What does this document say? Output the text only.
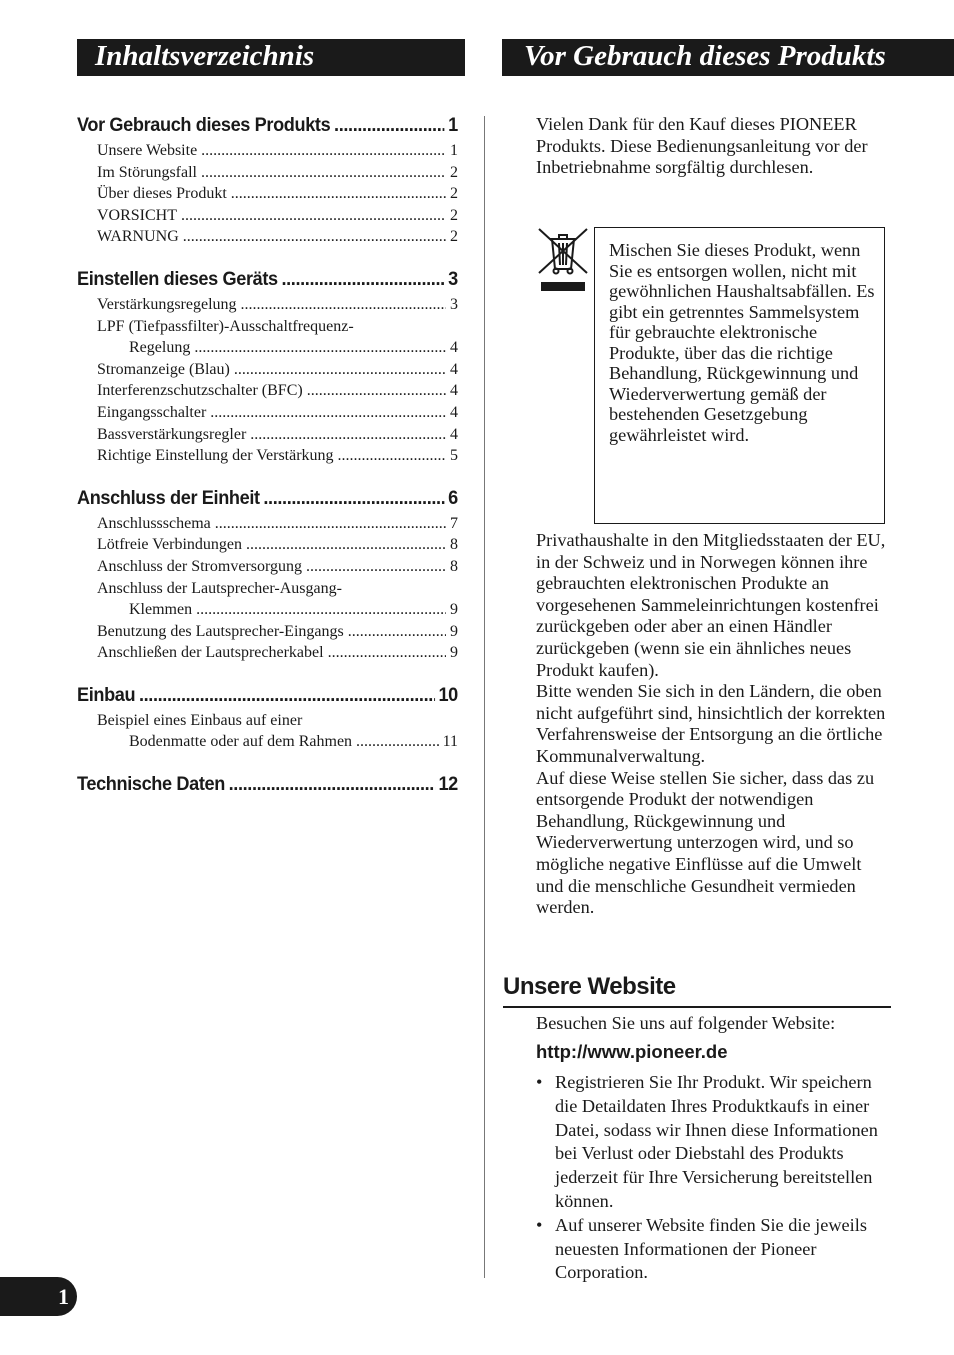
Inhaltsverzeichnis	Vor Gebrauch dieses Produkts
Vor Gebrauch dieses Produkts .....	1
Unsere Website .....	1
Im Störungsfall .....	2
Über dieses Produkt .....	2
VORSICHT .....	2
WARNUNG .....	2
Einstellen dieses Geräts .....	3
Verstärkungsregelung .....	3
LPF (Tiefpassfilter)-Ausschaltfrequenz-
Regelung .....	4
Stromanzeige (Blau) .....	4
Interferenzschutzschalter (BFC) .....	4
Eingangsschalter .....	4
Bassverstärkungsregler .....	4
Richtige Einstellung der Verstärkung .....	5
Anschluss der Einheit .....	6
Anschlussschema .....	7
Lötfreie Verbindungen .....	8
Anschluss der Stromversorgung .....	8
Anschluss der Lautsprecher-Ausgang-
Klemmen .....	9
Benutzung des Lautsprecher-Eingangs .....	9
Anschließen der Lautsprecherkabel .....	9
Einbau .....	10
Beispiel eines Einbaus auf einer
Bodenmatte oder auf dem Rahmen .....	11
Technische Daten .....	12
Vielen Dank für den Kauf dieses PIONEER Produkts. Diese Bedienungsanleitung vor der Inbetriebnahme sorgfältig durchlesen.
Mischen Sie dieses Produkt, wenn Sie es entsorgen wollen, nicht mit gewöhnlichen Haushaltsabfällen. Es gibt ein getrenntes Sammelsystem für gebrauchte elektronische Produkte, über das die richtige Behandlung, Rückgewinnung und Wiederverwertung gemäß der bestehenden Gesetzgebung gewährleistet wird.
Privathaushalte in den Mitgliedsstaaten der EU, in der Schweiz und in Norwegen können ihre gebrauchten elektronischen Produkte an vorgesehenen Sammeleinrichtungen kostenfrei zurückgeben oder aber an einen Händler zurückgeben (wenn sie ein ähnliches neues Produkt kaufen).
Bitte wenden Sie sich in den Ländern, die oben nicht aufgeführt sind, hinsichtlich der korrekten Verfahrensweise der Entsorgung an die örtliche Kommunalverwaltung.
Auf diese Weise stellen Sie sicher, dass das zu entsorgende Produkt der notwendigen Behandlung, Rückgewinnung und Wiederverwertung unterzogen wird, und so mögliche negative Einflüsse auf die Umwelt und die menschliche Gesundheit vermieden werden.
Unsere Website
Besuchen Sie uns auf folgender Website:
http://www.pioneer.de
• Registrieren Sie Ihr Produkt. Wir speichern die Detaildaten Ihres Produktkaufs in einer Datei, sodass wir Ihnen diese Informationen bei Verlust oder Diebstahl des Produkts jederzeit für Ihre Versicherung bereitstellen können.
• Auf unserer Website finden Sie die jeweils neuesten Informationen der Pioneer Corporation.
1
